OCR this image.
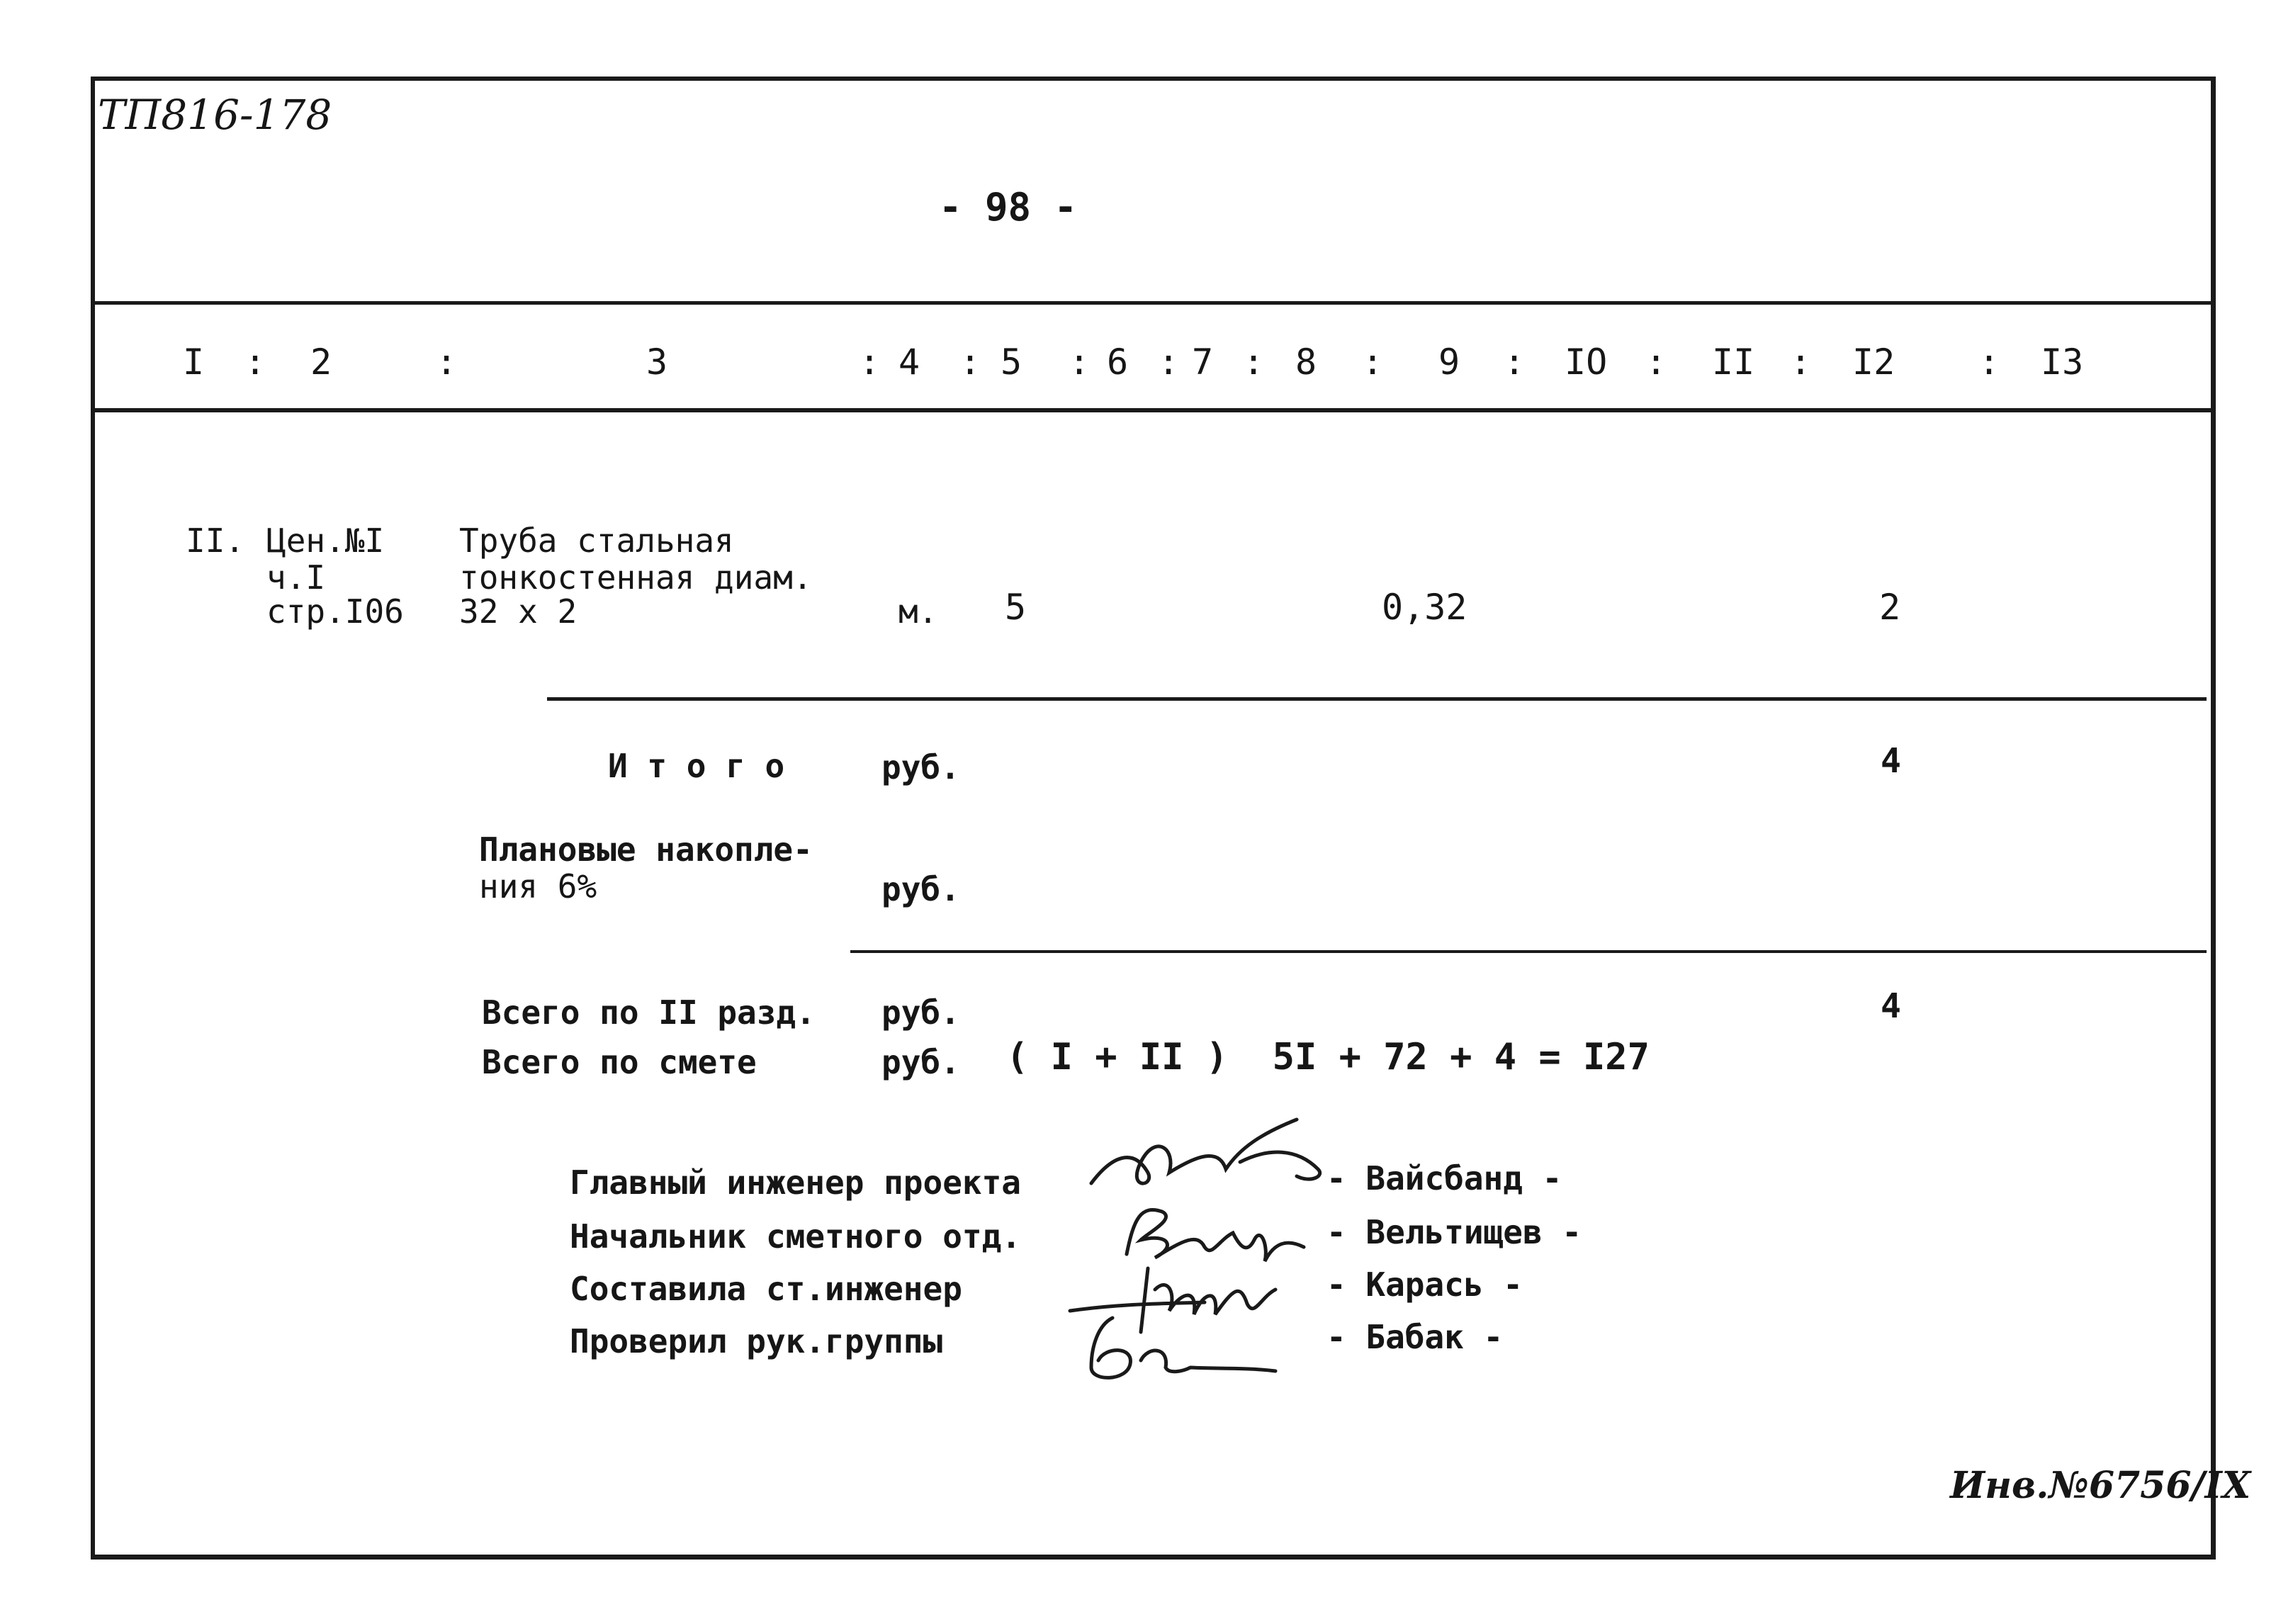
ТП816-178
- 98 -
I : 2	:	3	: 4 : 5 : 6 : 7 : 8 : 9 : IO : II : I2 : I3
II. Цен.№I
ч.I
стр.I06
Труба стальная
тонкостенная диам.
32 х 2	м. 5	0,32	2
И т о г о	руб.	4
Плановые накопле-
ния 6%	руб.
Всего по II разд. руб.	4
Всего по смете	руб. ( I + II )  5I + 72 + 4 = I27
Главный инженер проекта	- Вайсбанд -
Начальник сметного отд.	- Вельтищев -
Составила ст.инженер	- Карась -
Проверил рук.группы	- Бабак -
Инв.№6756/IX
